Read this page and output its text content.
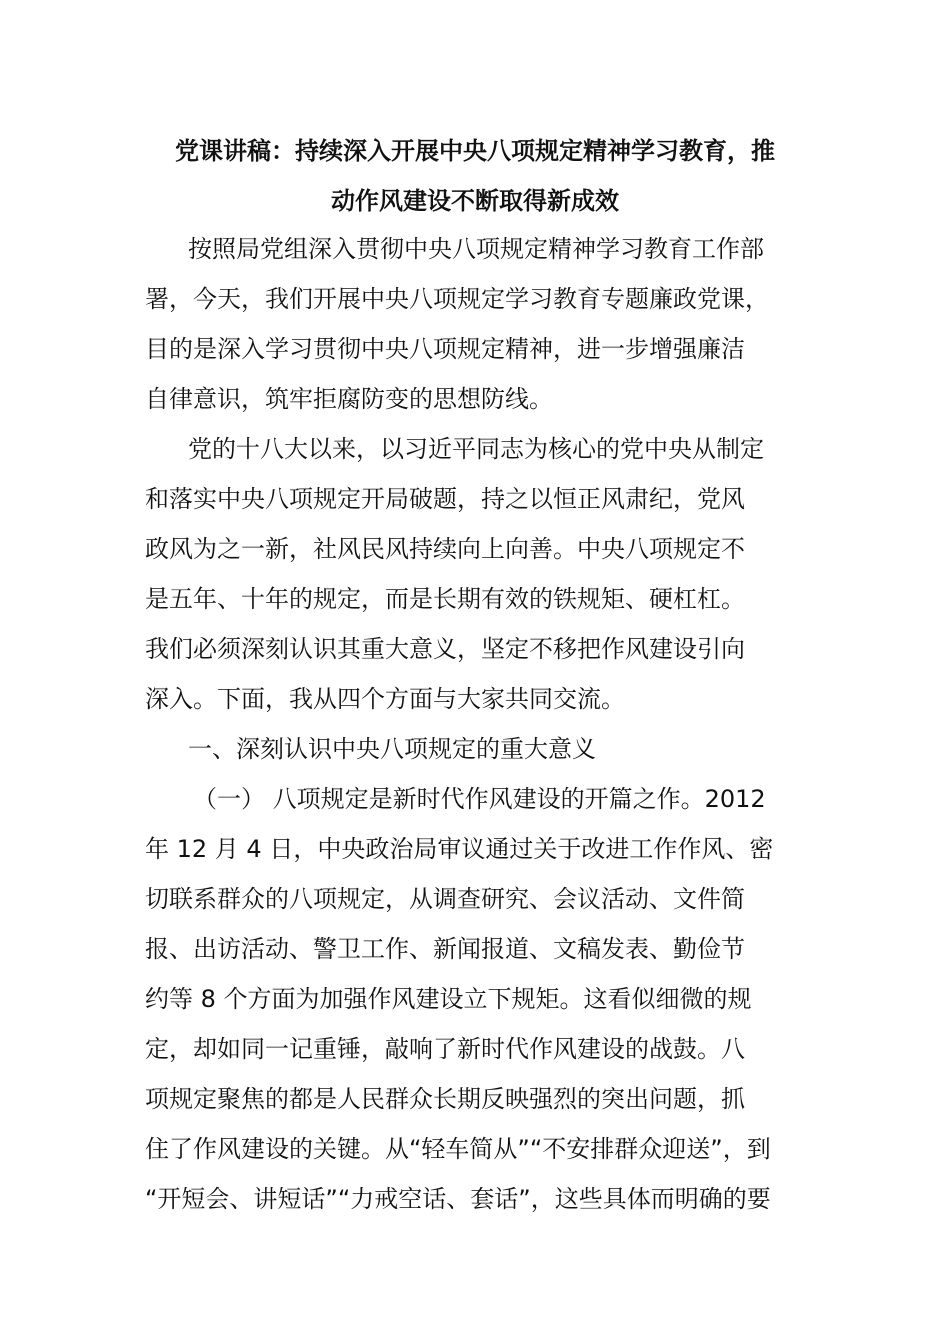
党课讲稿：持续深入开展中央八项规定精神学习教育，推
动作风建设不断取得新成效
按照局党组深入贯彻中央八项规定精神学习教育工作部
署，今天，我们开展中央八项规定学习教育专题廉政党课，
目的是深入学习贯彻中央八项规定精神，进一步增强廉洁
自律意识，筑牢拒腐防变的思想防线。
党的十八大以来，以习近平同志为核心的党中央从制定
和落实中央八项规定开局破题，持之以恒正风肃纪，党风
政风为之一新，社风民风持续向上向善。中央八项规定不
是五年、十年的规定，而是长期有效的铁规矩、硬杠杠。
我们必须深刻认识其重大意义，坚定不移把作风建设引向
深入。下面，我从四个方面与大家共同交流。
一、深刻认识中央八项规定的重大意义
（一） 八项规定是新时代作风建设的开篇之作。2012
年 12 月 4 日，中央政治局审议通过关于改进工作作风、密
切联系群众的八项规定，从调查研究、会议活动、文件简
报、出访活动、警卫工作、新闻报道、文稿发表、勤俭节
约等 8 个方面为加强作风建设立下规矩。这看似细微的规
定，却如同一记重锤，敲响了新时代作风建设的战鼓。八
项规定聚焦的都是人民群众长期反映强烈的突出问题，抓
住了作风建设的关键。从“轻车简从”“不安排群众迎送”，到
“开短会、讲短话”“力戒空话、套话”，这些具体而明确的要
